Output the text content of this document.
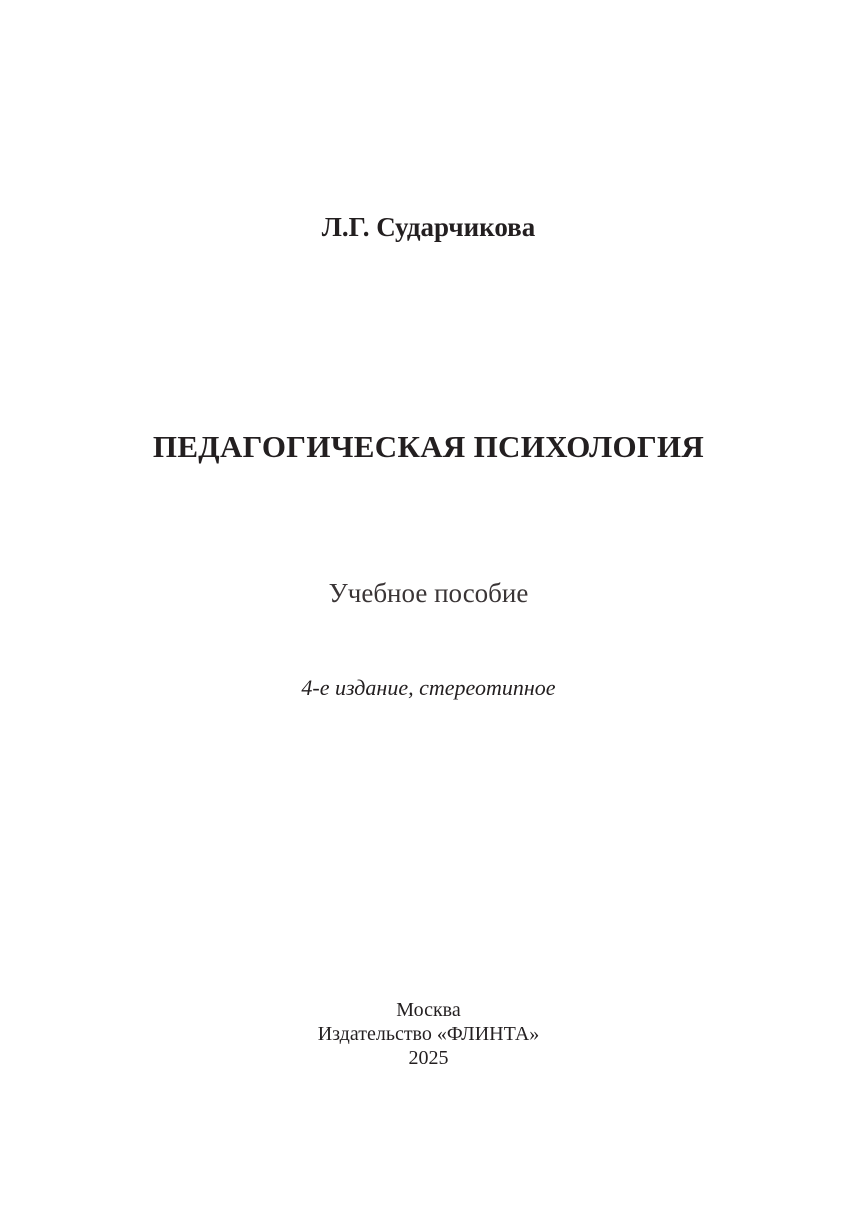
Л.Г. Сударчикова

ПЕДАГОГИЧЕСКАЯ ПСИХОЛОГИЯ

Учебное пособие

4-е издание, стереотипное

Москва
Издательство «ФЛИНТА»
2025
